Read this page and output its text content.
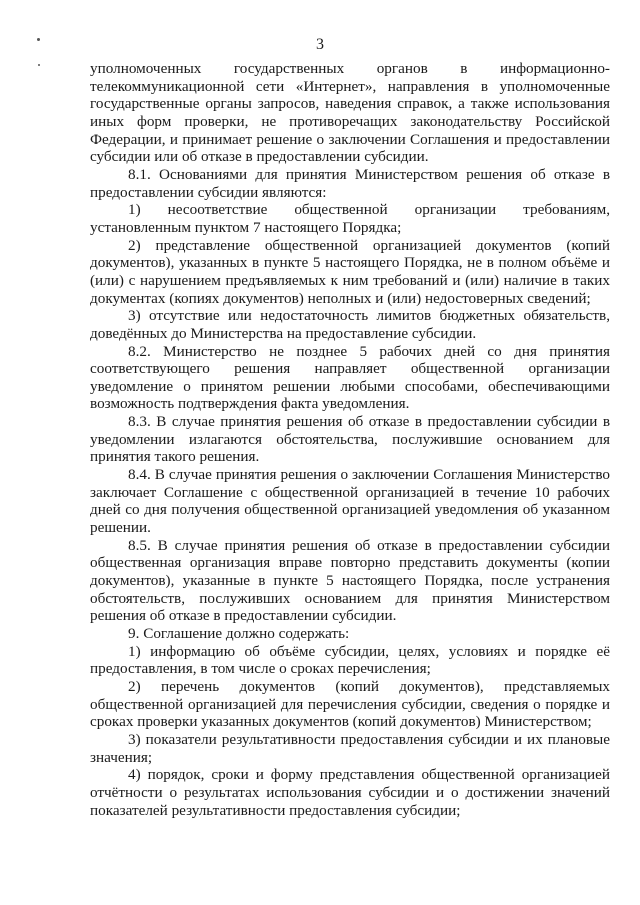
3

уполномоченных государственных органов в информационно-телекоммуникационной сети «Интернет», направления в уполномоченные государственные органы запросов, наведения справок, а также использования иных форм проверки, не противоречащих законодательству Российской Федерации, и принимает решение о заключении Соглашения и предоставлении субсидии или об отказе в предоставлении субсидии.

8.1. Основаниями для принятия Министерством решения об отказе в предоставлении субсидии являются:

1) несоответствие общественной организации требованиям, установленным пунктом 7 настоящего Порядка;

2) представление общественной организацией документов (копий документов), указанных в пункте 5 настоящего Порядка, не в полном объёме и (или) с нарушением предъявляемых к ним требований и (или) наличие в таких документах (копиях документов) неполных и (или) недостоверных сведений;

3) отсутствие или недостаточность лимитов бюджетных обязательств, доведённых до Министерства на предоставление субсидии.

8.2. Министерство не позднее 5 рабочих дней со дня принятия соответствующего решения направляет общественной организации уведомление о принятом решении любыми способами, обеспечивающими возможность подтверждения факта уведомления.

8.3. В случае принятия решения об отказе в предоставлении субсидии в уведомлении излагаются обстоятельства, послужившие основанием для принятия такого решения.

8.4. В случае принятия решения о заключении Соглашения Министерство заключает Соглашение с общественной организацией в течение 10 рабочих дней со дня получения общественной организацией уведомления об указанном решении.

8.5. В случае принятия решения об отказе в предоставлении субсидии общественная организация вправе повторно представить документы (копии документов), указанные в пункте 5 настоящего Порядка, после устранения обстоятельств, послуживших основанием для принятия Министерством решения об отказе в предоставлении субсидии.

9. Соглашение должно содержать:

1) информацию об объёме субсидии, целях, условиях и порядке её предоставления, в том числе о сроках перечисления;

2) перечень документов (копий документов), представляемых общественной организацией для перечисления субсидии, сведения о порядке и сроках проверки указанных документов (копий документов) Министерством;

3) показатели результативности предоставления субсидии и их плановые значения;

4) порядок, сроки и форму представления общественной организацией отчётности о результатах использования субсидии и о достижении значений показателей результативности предоставления субсидии;
